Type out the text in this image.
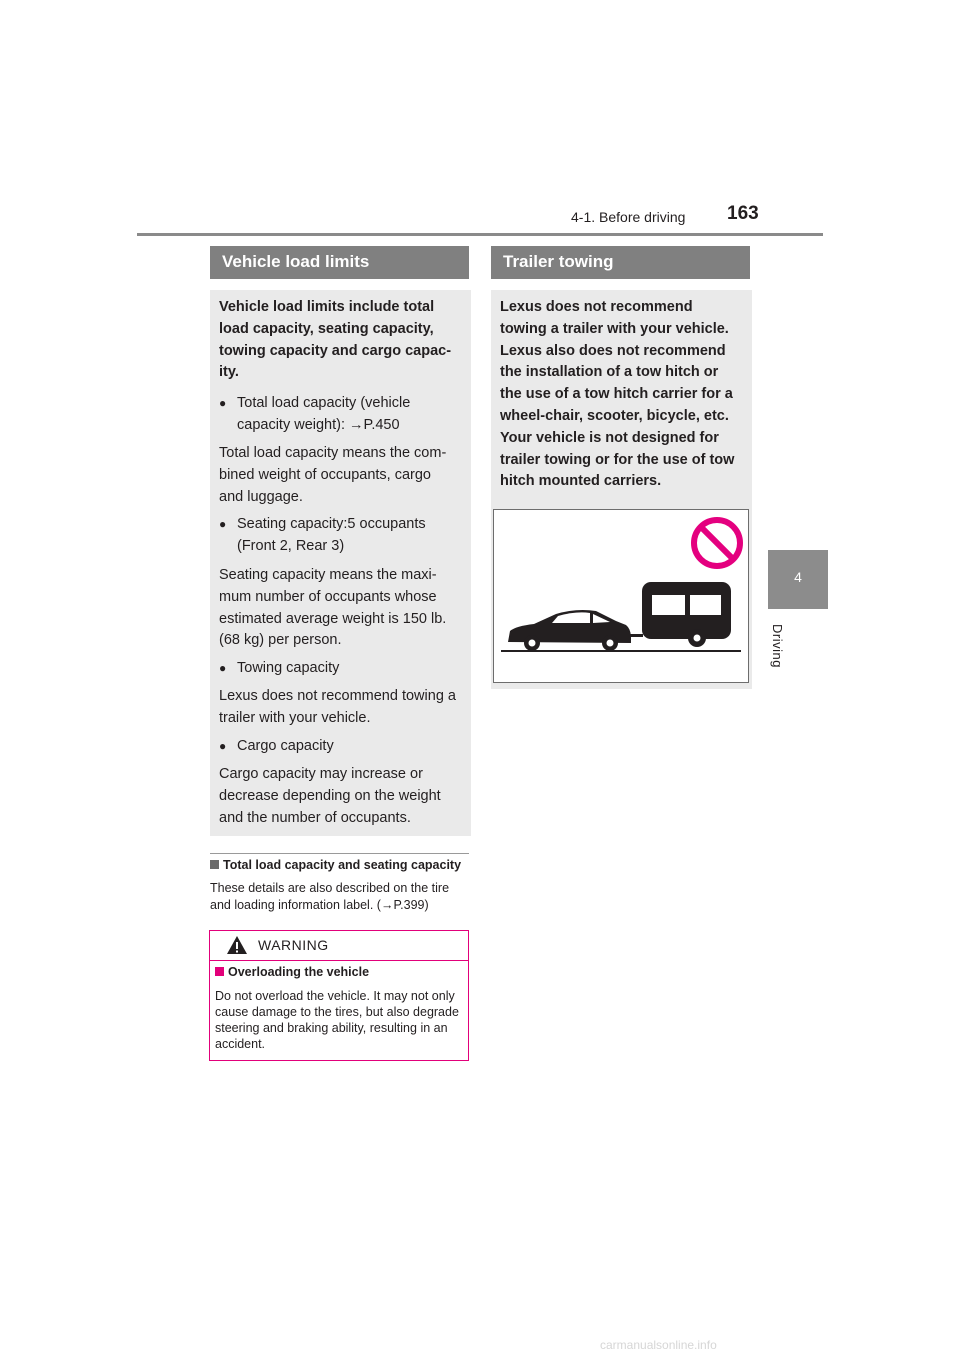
4-1. Before driving 163
4
Driving
Vehicle load limits
Vehicle load limits include total load capacity, seating capacity, towing capacity and cargo capac-ity.
● Total load capacity (vehicle capacity weight): →P.450
Total load capacity means the com-bined weight of occupants, cargo and luggage.
● Seating capacity:5 occupants (Front 2, Rear 3)
Seating capacity means the maxi-mum number of occupants whose estimated average weight is 150 lb. (68 kg) per person.
● Towing capacity
Lexus does not recommend towing a trailer with your vehicle.
● Cargo capacity
Cargo capacity may increase or decrease depending on the weight and the number of occupants.
Total load capacity and seating capacity
These details are also described on the tire and loading information label. (→P.399)
WARNING
Overloading the vehicle
Do not overload the vehicle. It may not only cause damage to the tires, but also degrade steering and braking ability, resulting in an accident.
Trailer towing
Lexus does not recommend towing a trailer with your vehicle. Lexus also does not recommend the installation of a tow hitch or the use of a tow hitch carrier for a wheel-chair, scooter, bicycle, etc. Your vehicle is not designed for trailer towing or for the use of tow hitch mounted carriers.
carmanualsonline.info
